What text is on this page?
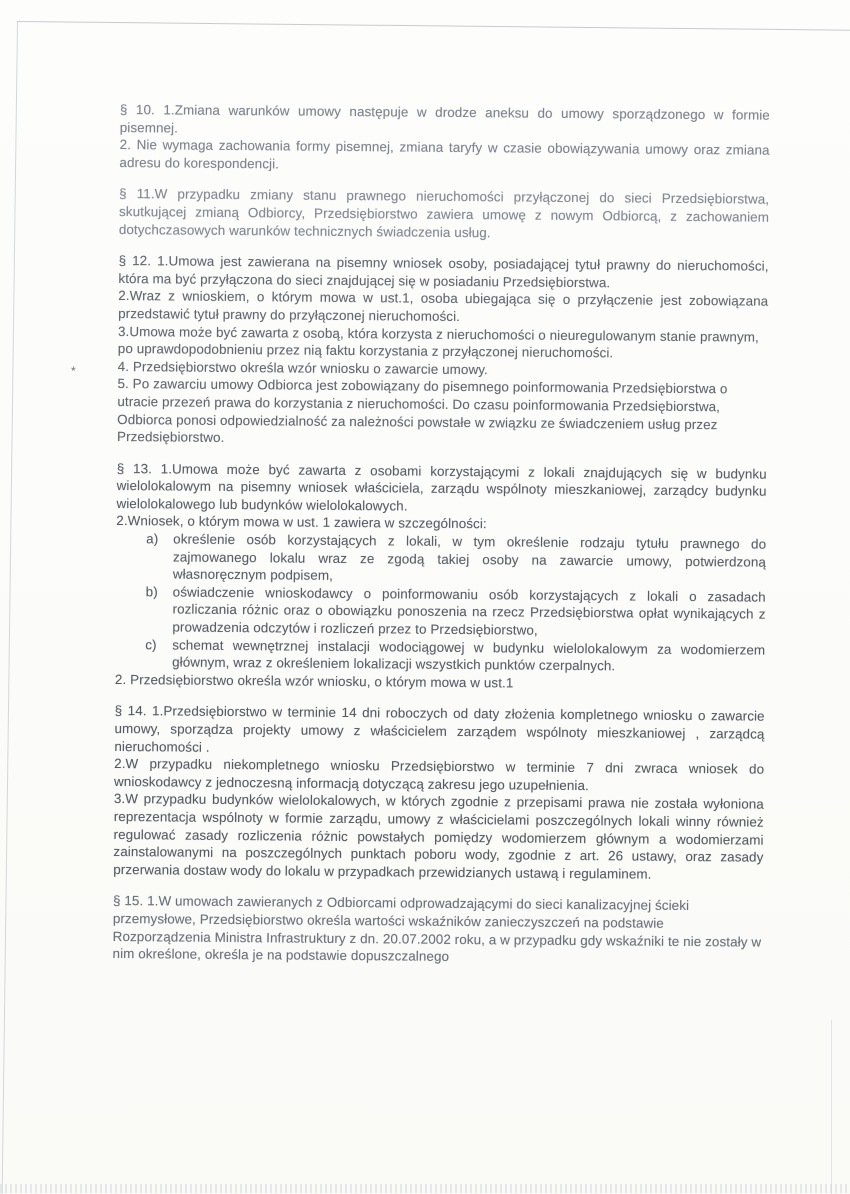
*

§ 10. 1.Zmiana warunków umowy następuje w drodze aneksu do umowy sporządzonego w formie pisemnej.

2. Nie wymaga zachowania formy pisemnej, zmiana taryfy w czasie obowiązywania umowy oraz zmiana adresu do korespondencji.

§ 11.W przypadku zmiany stanu prawnego nieruchomości przyłączonej do sieci Przedsiębiorstwa, skutkującej zmianą Odbiorcy, Przedsiębiorstwo zawiera umowę z nowym Odbiorcą, z zachowaniem dotychczasowych warunków technicznych świadczenia usług.

§ 12. 1.Umowa jest zawierana na pisemny wniosek osoby, posiadającej tytuł prawny do nieruchomości, która ma być przyłączona do sieci znajdującej się w posiadaniu Przedsiębiorstwa.

2.Wraz z wnioskiem, o którym mowa w ust.1, osoba ubiegająca się o przyłączenie jest zobowiązana przedstawić tytuł prawny do przyłączonej nieruchomości.

3.Umowa może być zawarta z osobą, która korzysta z nieruchomości o nieuregulowanym stanie prawnym, po uprawdopodobnieniu przez nią faktu korzystania z przyłączonej nieruchomości.

4. Przedsiębiorstwo określa wzór wniosku o zawarcie umowy.

5. Po zawarciu umowy Odbiorca jest zobowiązany do pisemnego poinformowania Przedsiębiorstwa o utracie przezeń prawa do korzystania z nieruchomości. Do czasu poinformowania Przedsiębiorstwa, Odbiorca ponosi odpowiedzialność za należności powstałe w związku ze świadczeniem usług przez Przedsiębiorstwo.

§ 13. 1.Umowa może być zawarta z osobami korzystającymi z lokali znajdujących się w budynku wielolokalowym na pisemny wniosek właściciela, zarządu wspólnoty mieszkaniowej, zarządcy budynku wielolokalowego lub budynków wielolokalowych.

2.Wniosek, o którym mowa w ust. 1 zawiera w szczególności:

a) określenie osób korzystających z lokali, w tym określenie rodzaju tytułu prawnego do zajmowanego lokalu wraz ze zgodą takiej osoby na zawarcie umowy, potwierdzoną własnoręcznym podpisem,

b) oświadczenie wnioskodawcy o poinformowaniu osób korzystających z lokali o zasadach rozliczania różnic oraz o obowiązku ponoszenia na rzecz Przedsiębiorstwa opłat wynikających z prowadzenia odczytów i rozliczeń przez to Przedsiębiorstwo,

c) schemat wewnętrznej instalacji wodociągowej w budynku wielolokalowym za wodomierzem głównym, wraz z określeniem lokalizacji wszystkich punktów czerpalnych.

2. Przedsiębiorstwo określa wzór wniosku, o którym mowa w ust.1

§ 14. 1.Przedsiębiorstwo w terminie 14 dni roboczych od daty złożenia kompletnego wniosku o zawarcie umowy, sporządza projekty umowy z właścicielem zarządem wspólnoty mieszkaniowej , zarządcą nieruchomości .

2.W przypadku niekompletnego wniosku Przedsiębiorstwo w terminie 7 dni zwraca wniosek do wnioskodawcy z jednoczesną informacją dotyczącą zakresu jego uzupełnienia.

3.W przypadku budynków wielolokalowych, w których zgodnie z przepisami prawa nie została wyłoniona reprezentacja wspólnoty w formie zarządu, umowy z właścicielami poszczególnych lokali winny również regulować zasady rozliczenia różnic powstałych pomiędzy wodomierzem głównym a wodomierzami zainstalowanymi na poszczególnych punktach poboru wody, zgodnie z art. 26 ustawy, oraz zasady przerwania dostaw wody do lokalu w przypadkach przewidzianych ustawą i regulaminem.

§ 15. 1.W umowach zawieranych z Odbiorcami odprowadzającymi do sieci kanalizacyjnej ścieki przemysłowe, Przedsiębiorstwo określa wartości wskaźników zanieczyszczeń na podstawie Rozporządzenia Ministra Infrastruktury z dn. 20.07.2002 roku, a w przypadku gdy wskaźniki te nie zostały w nim określone, określa je na podstawie dopuszczalnego
